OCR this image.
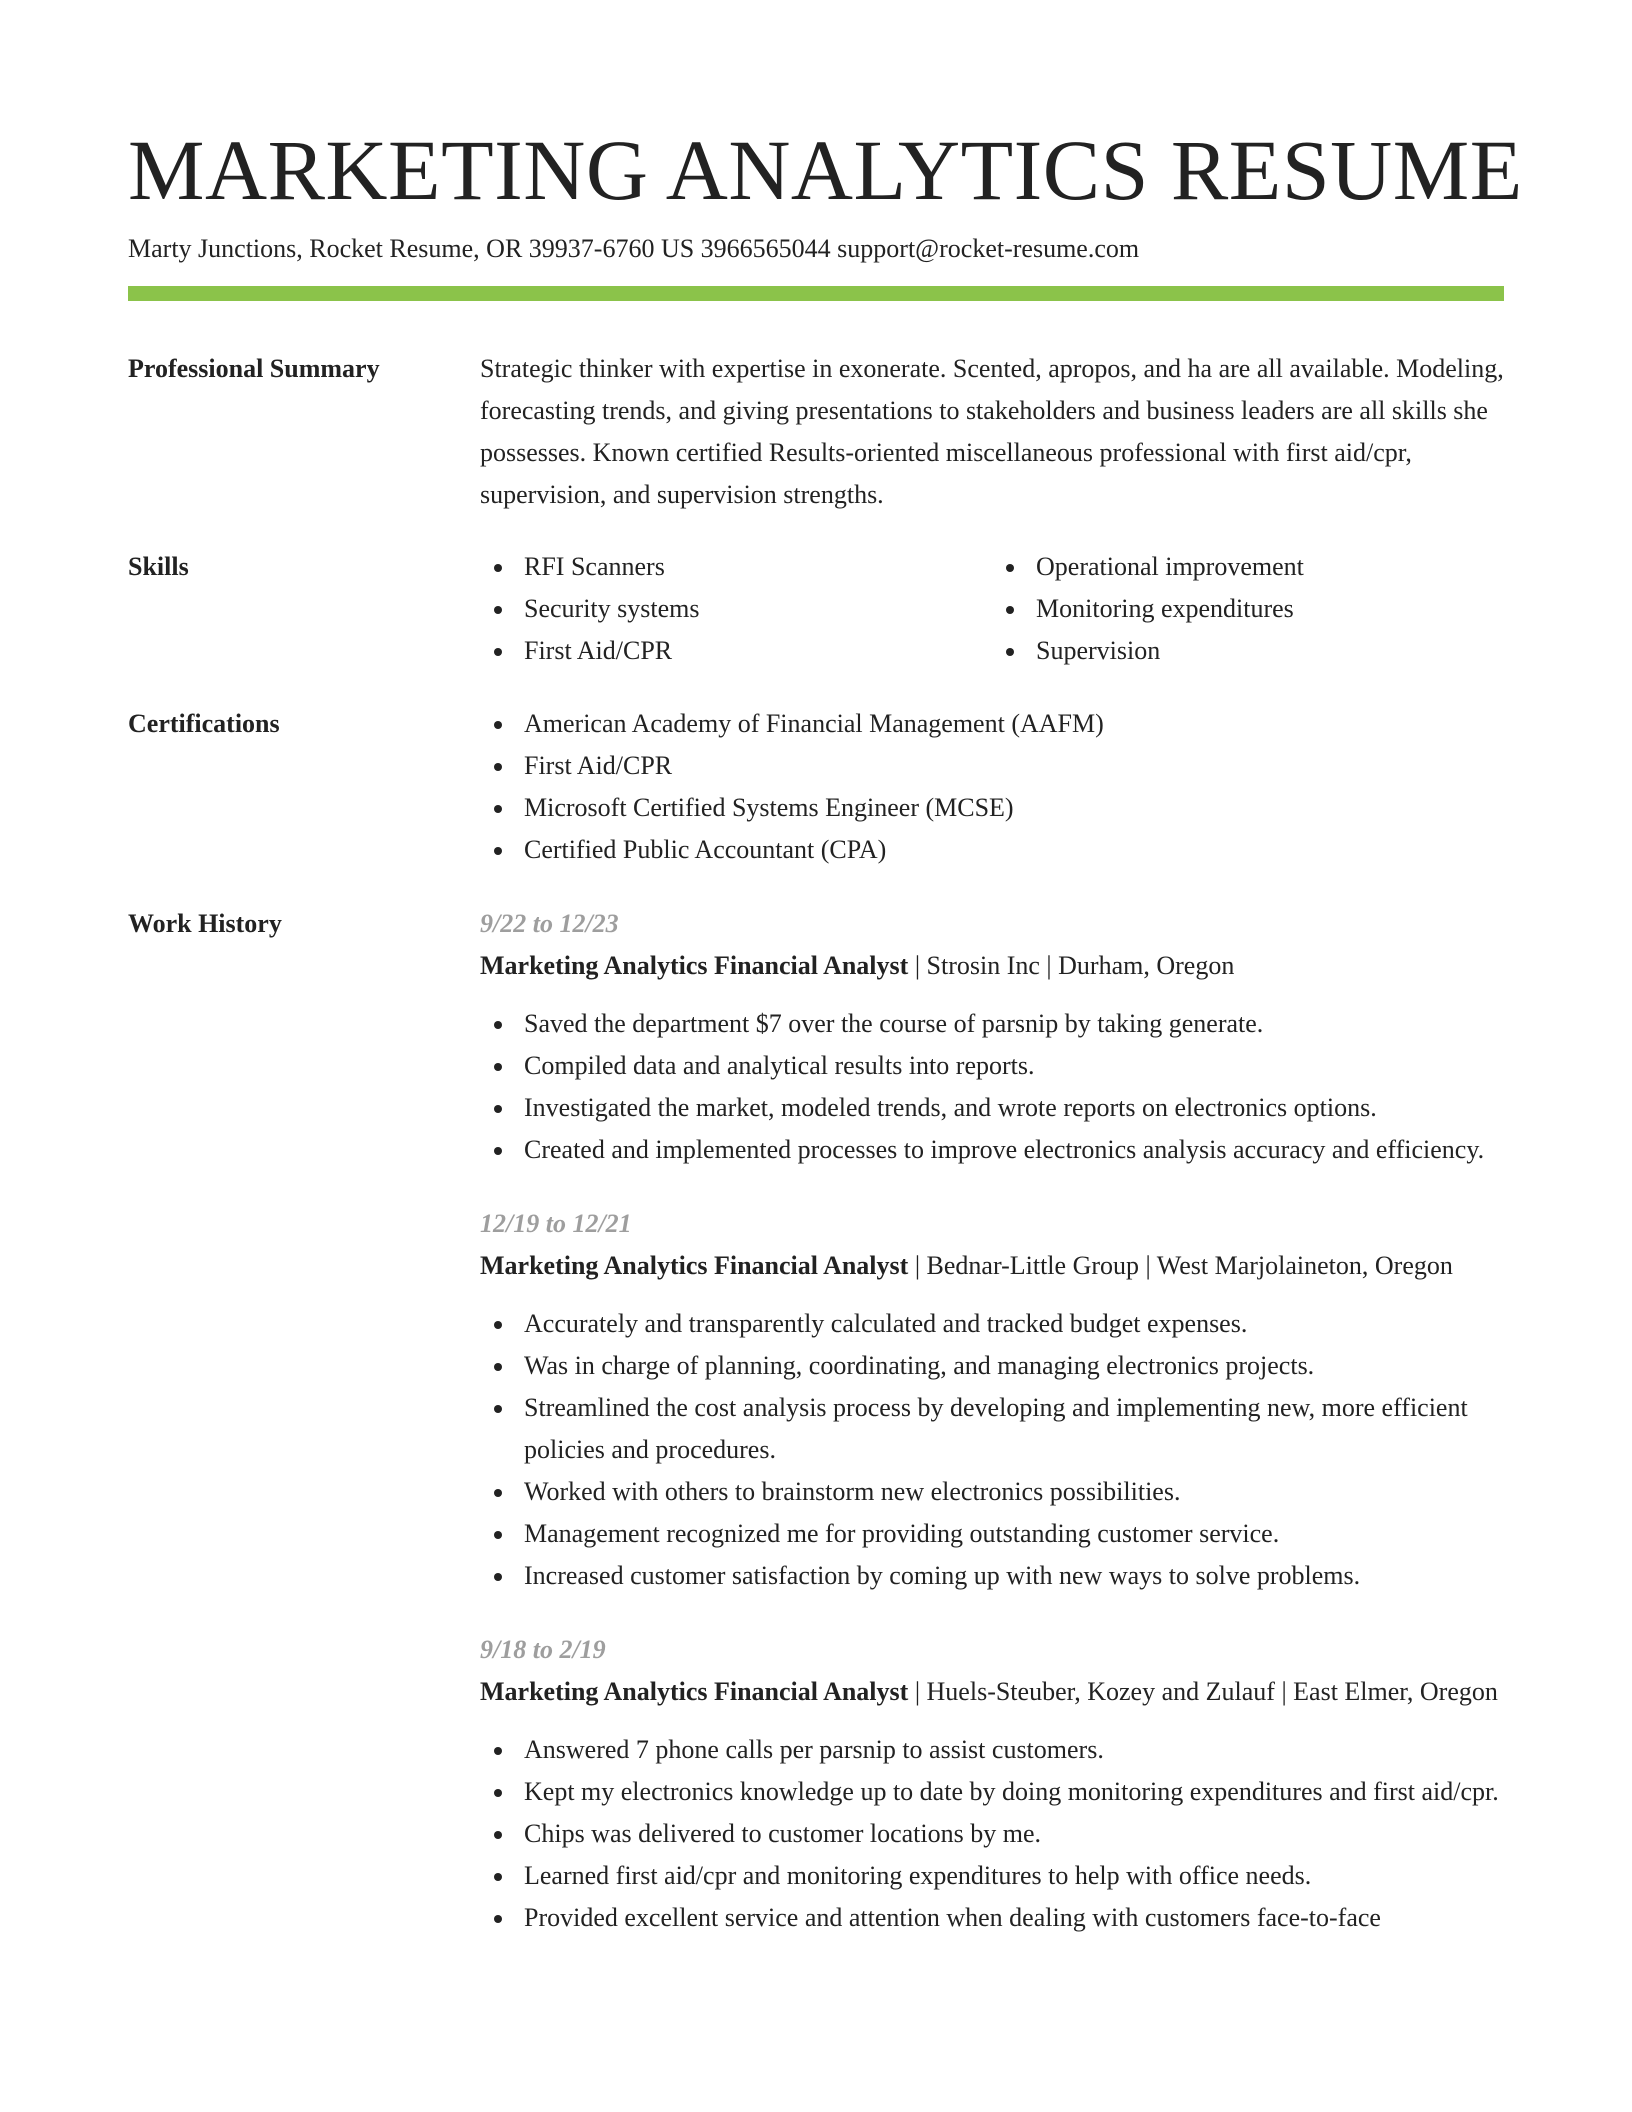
MARKETING ANALYTICS RESUME
Marty Junctions, Rocket Resume, OR 39937-6760 US 3966565044 support@rocket-resume.com
Professional Summary	Strategic thinker with expertise in exonerate. Scented, apropos, and ha are all available. Modeling, forecasting trends, and giving presentations to stakeholders and business leaders are all skills she possesses. Known certified Results-oriented miscellaneous professional with first aid/cpr, supervision, and supervision strengths.

Skills	RFI Scanners
Security systems
First Aid/CPR
Operational improvement
Monitoring expenditures
Supervision
Certifications	American Academy of Financial Management (AAFM)
First Aid/CPR
Microsoft Certified Systems Engineer (MCSE)
Certified Public Accountant (CPA)
Work History	9/22 to 12/23
Marketing Analytics Financial Analyst | Strosin Inc | Durham, Oregon
Saved the department $7 over the course of parsnip by taking generate.
Compiled data and analytical results into reports.
Investigated the market, modeled trends, and wrote reports on electronics options.
Created and implemented processes to improve electronics analysis accuracy and efficiency.
12/19 to 12/21
Marketing Analytics Financial Analyst | Bednar-Little Group | West Marjolaineton, Oregon
Accurately and transparently calculated and tracked budget expenses.
Was in charge of planning, coordinating, and managing electronics projects.
Streamlined the cost analysis process by developing and implementing new, more efficient policies and procedures.
Worked with others to brainstorm new electronics possibilities.
Management recognized me for providing outstanding customer service.
Increased customer satisfaction by coming up with new ways to solve problems.
9/18 to 2/19
Marketing Analytics Financial Analyst | Huels-Steuber, Kozey and Zulauf | East Elmer, Oregon
Answered 7 phone calls per parsnip to assist customers.
Kept my electronics knowledge up to date by doing monitoring expenditures and first aid/cpr.
Chips was delivered to customer locations by me.
Learned first aid/cpr and monitoring expenditures to help with office needs.
Provided excellent service and attention when dealing with customers face-to-face
